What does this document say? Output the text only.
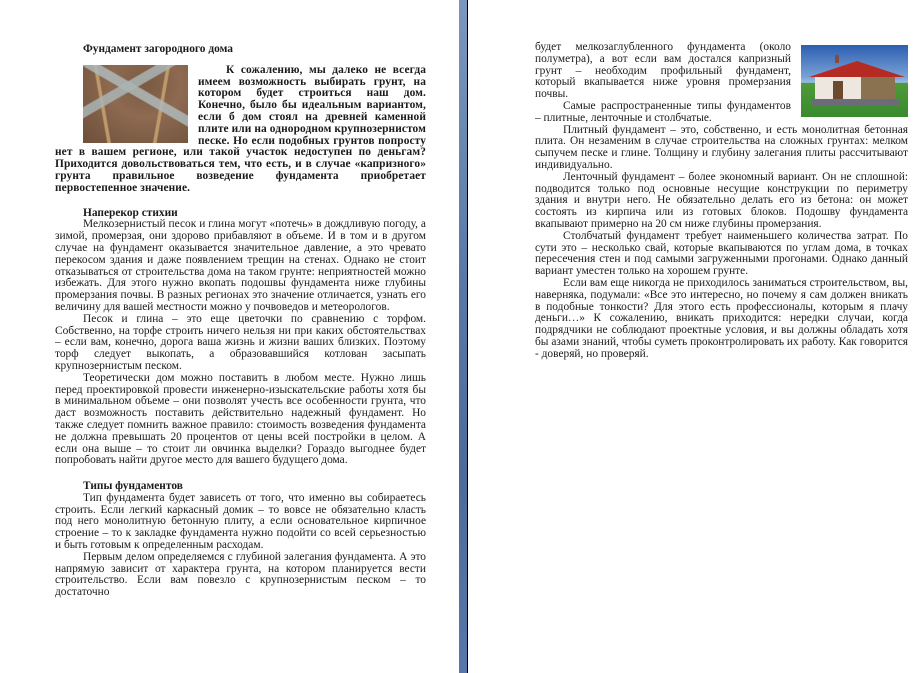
Фундамент загородного дома

К сожалению, мы далеко не всегда имеем возможность выбирать грунт, на котором будет строиться наш дом. Конечно, было бы идеальным вариантом, если б дом стоял на древней каменной плите или на однородном крупнозернистом песке. Но если подобных грунтов попросту нет в вашем регионе, или такой участок недоступен по деньгам? Приходится довольствоваться тем, что есть, и в случае «капризного» грунта правильное возведение фундамента приобретает первостепенное значение.

Наперекор стихии

Мелкозернистый песок и глина могут «потечь» в дождливую погоду, а зимой, промерзая, они здорово прибавляют в объеме. И в том и в другом случае на фундамент оказывается значительное давление, а это чревато перекосом здания и даже появлением трещин на стенах. Однако не стоит отказываться от строительства дома на таком грунте: неприятностей можно избежать. Для этого нужно вкопать подошвы фундамента ниже глубины промерзания почвы. В разных регионах это значение отличается, узнать его величину для вашей местности можно у почвоведов и метеорологов.

Песок и глина – это еще цветочки по сравнению с торфом. Собственно, на торфе строить ничего нельзя ни при каких обстоятельствах – если вам, конечно, дорога ваша жизнь и жизни ваших близких. Поэтому торф следует выкопать, а образовавшийся котлован засыпать крупнозернистым песком.

Теоретически дом можно поставить в любом месте. Нужно лишь перед проектировкой провести инженерно-изыскательские работы хотя бы в минимальном объеме – они позволят учесть все особенности грунта, что даст возможность поставить действительно надежный фундамент. Но также следует помнить важное правило: стоимость возведения фундамента не должна превышать 20 процентов от цены всей постройки в целом. А если она выше – то стоит ли овчинка выделки? Гораздо выгоднее будет попробовать найти другое место для вашего будущего дома.

Типы фундаментов

Тип фундамента будет зависеть от того, что именно вы собираетесь строить. Если легкий каркасный домик – то вовсе не обязательно класть под него монолитную бетонную плиту, а если основательное кирпичное строение – то к закладке фундамента нужно подойти со всей серьезностью и быть готовым к определенным расходам.

Первым делом определяемся с глубиной залегания фундамента. А это напрямую зависит от характера грунта, на котором планируется вести строительство. Если вам повезло с крупнозернистым песком – то достаточно

будет мелкозаглубленного фундамента (около полуметра), а вот если вам достался капризный грунт – необходим профильный фундамент, который вкапывается ниже уровня промерзания почвы.

Самые распространенные типы фундаментов – плитные, ленточные и столбчатые.

Плитный фундамент – это, собственно, и есть монолитная бетонная плита. Он незаменим в случае строительства на сложных грунтах: мелком сыпучем песке и глине. Толщину и глубину залегания плиты рассчитывают индивидуально.

Ленточный фундамент – более экономный вариант. Он не сплошной: подводится только под основные несущие конструкции по периметру здания и внутри него. Не обязательно делать его из бетона: он может состоять из кирпича или из готовых блоков. Подошву фундамента вкапывают примерно на 20 см ниже глубины промерзания.

Столбчатый фундамент требует наименьшего количества затрат. По сути это – несколько свай, которые вкапываются по углам дома, в точках пересечения стен и под самыми загруженными прогонами. Однако данный вариант уместен только на хорошем грунте.

Если вам еще никогда не приходилось заниматься строительством, вы, наверняка, подумали: «Все это интересно, но почему я сам должен вникать в подобные тонкости? Для этого есть профессионалы, которым я плачу деньги…» К сожалению, вникать приходится: нередки случаи, когда подрядчики не соблюдают проектные условия, и вы должны обладать хотя бы азами знаний, чтобы суметь проконтролировать их работу. Как говорится - доверяй, но проверяй.
